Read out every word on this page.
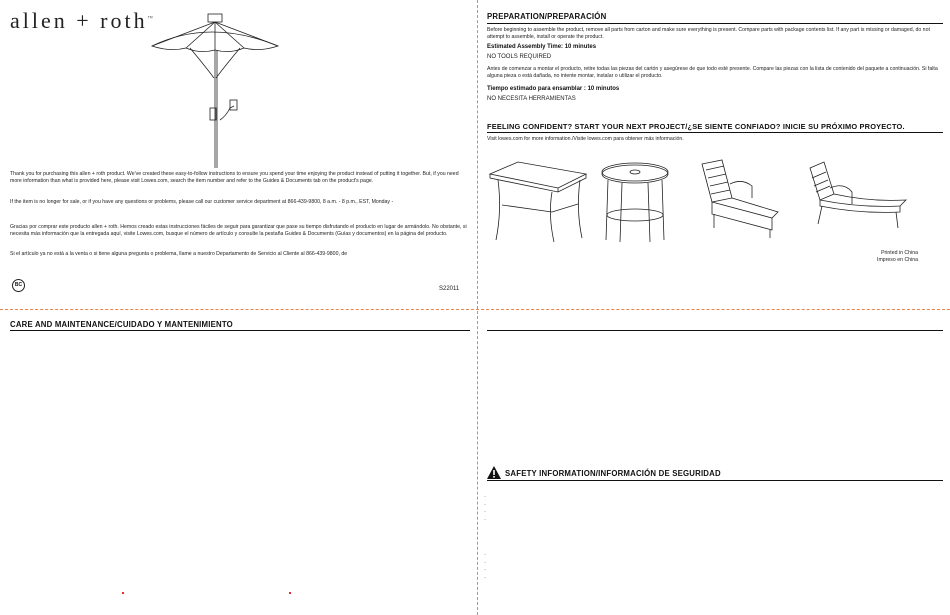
allen + roth™
Thank you for purchasing this allen + roth product. We've created these easy-to-follow instructions to ensure you spend your time enjoying the product instead of putting it together. But, if you need more information than what is provided here, please visit Lowes.com, search the item number and refer to the Guides & Documents tab on the product's page.
If the item is no longer for sale, or if you have any questions or problems, please call our customer service department at 866-439-9800, 8 a.m. - 8 p.m., EST, Monday -
Gracias por comprar este producto allen + roth. Hemos creado estas instrucciones fáciles de seguir para garantizar que pase su tiempo disfrutando el producto en lugar de armándolo. No obstante, si necesita más información que la entregada aquí, visite Lowes.com, busque el número de artículo y consulte la pestaña Guides & Documents (Guías y documentos) en la página del producto.
Si el artículo ya no está a la venta o si tiene alguna pregunta o problema, llame a nuestro Departamento de Servicio al Cliente al 866-439-9800, de
BC
S22011
PREPARATION/PREPARACIÓN
Before beginning to assemble the product, remove all parts from carton and make sure everything is present. Compare parts with package contents list. If any part is missing or damaged, do not attempt to assemble, install or operate the product.
Estimated Assembly Time: 10 minutes
NO TOOLS REQUIRED
Antes de comenzar a montar el producto, retire todas las piezas del cartón y asegúrese de que todo esté presente. Compare las piezas con la lista de contenido del paquete a continuación. Si falta alguna pieza o está dañada, no intente montar, instalar o utilizar el producto.
Tiempo estimado para ensamblar : 10 minutos
NO NECESITA HERRAMIENTAS
FEELING CONFIDENT? START YOUR NEXT PROJECT/¿SE SIENTE CONFIADO? INICIE SU PRÓXIMO PROYECTO.
Visit lowes.com for more information./Visite lowes.com para obtener más información.
Printed in China
Impreso en China
CARE AND MAINTENANCE/CUIDADO Y MANTENIMIENTO
SAFETY INFORMATION/INFORMACIÓN DE SEGURIDAD
·
·
·
·
·
·
·
·
